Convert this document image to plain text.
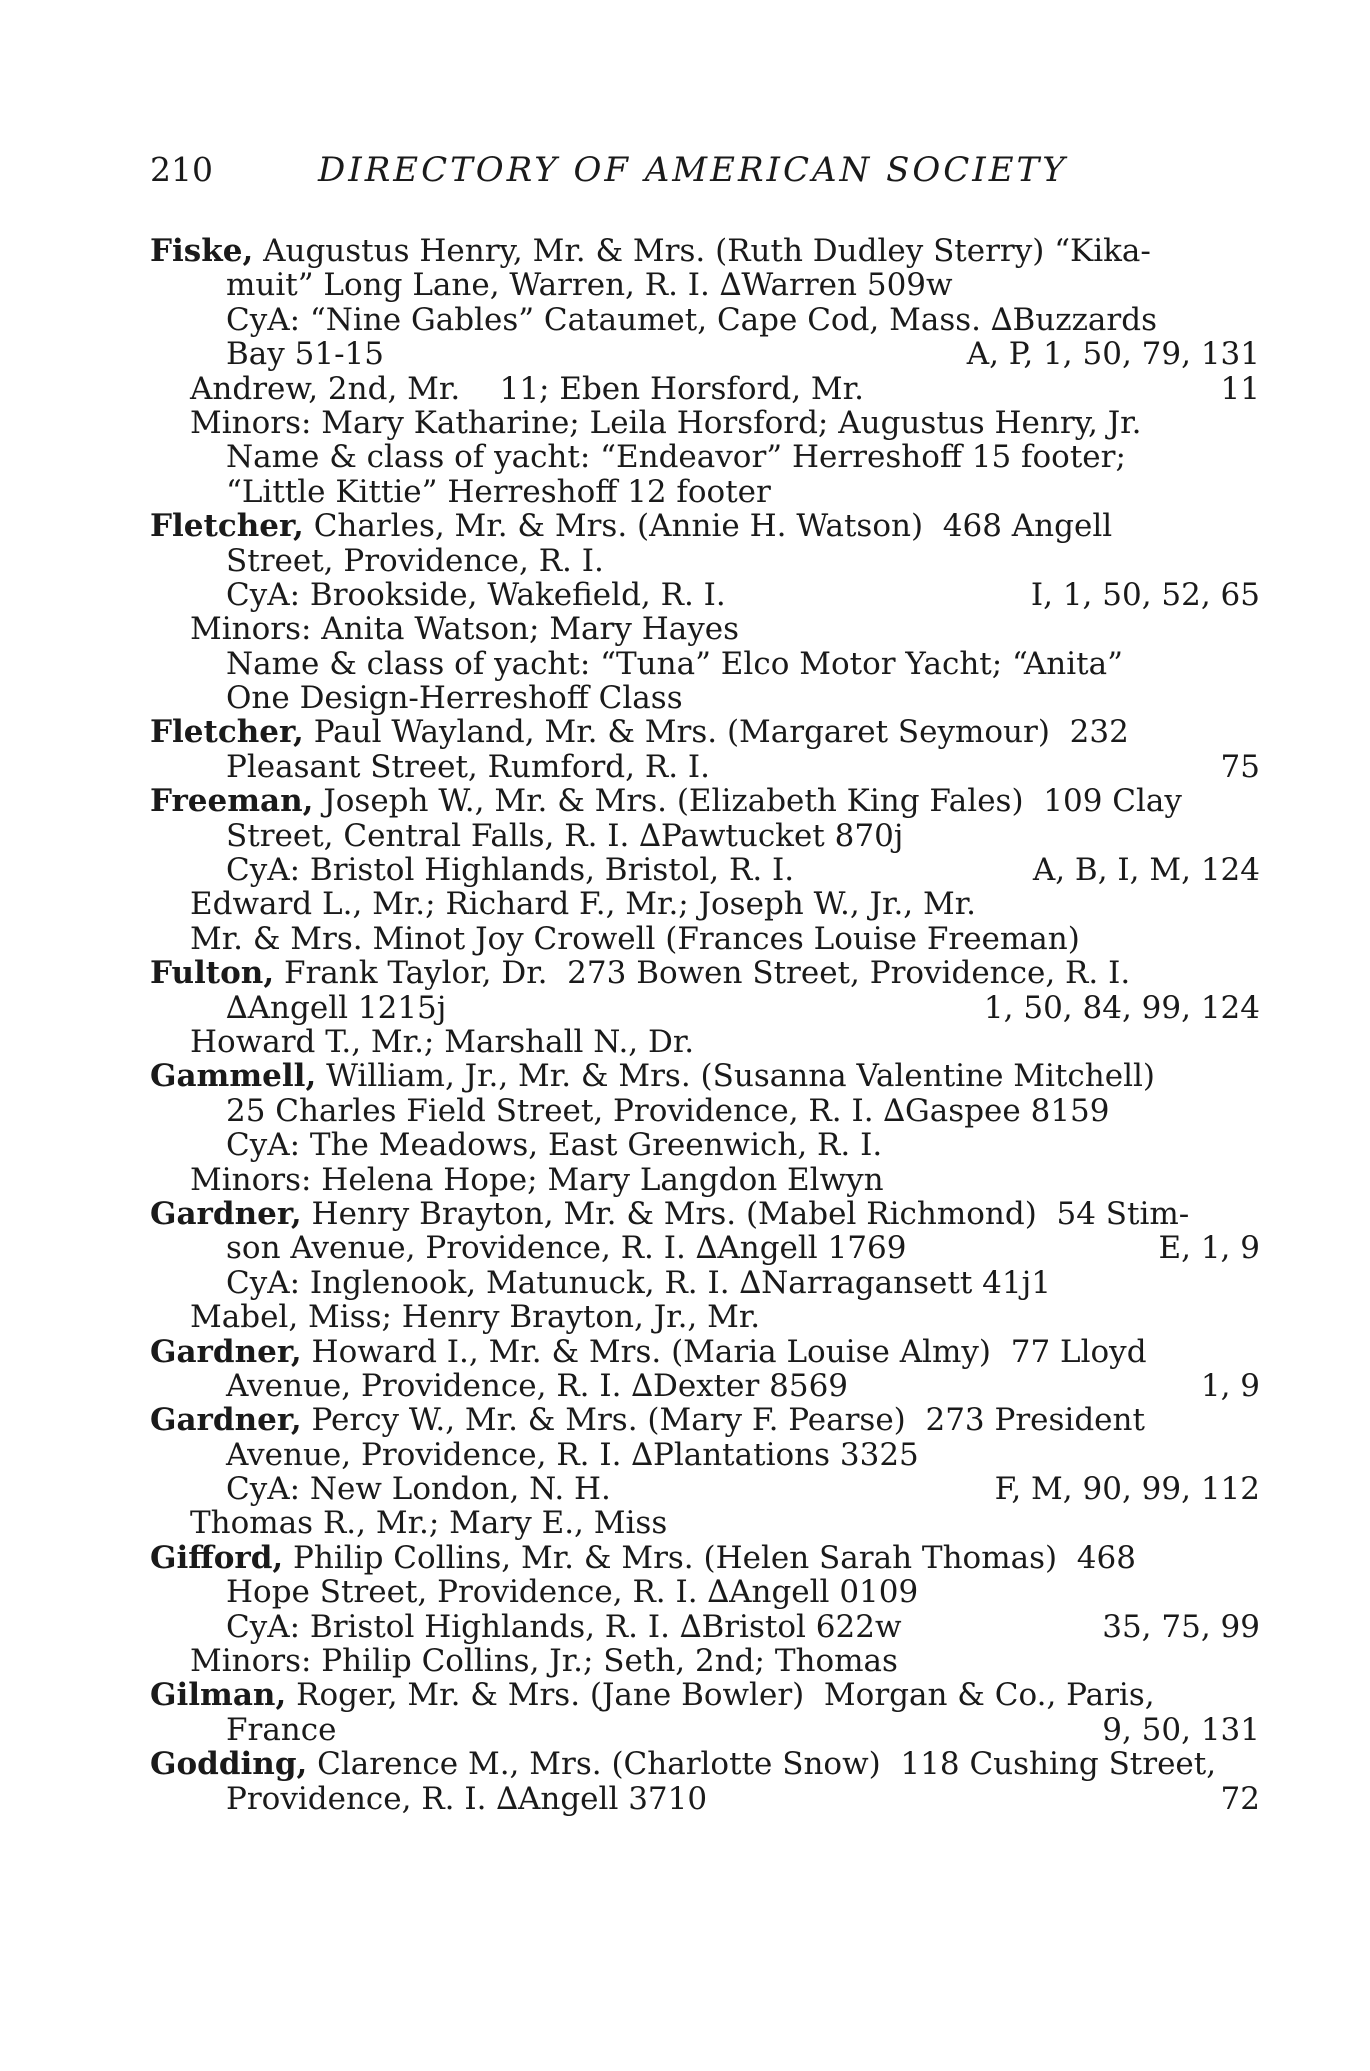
210	DIRECTORY OF AMERICAN SOCIETY
Fiske, Augustus Henry, Mr. & Mrs. (Ruth Dudley Sterry) “Kika-
muit” Long Lane, Warren, R. I. ∆Warren 509w
CyA: “Nine Gables” Cataumet, Cape Cod, Mass. ∆Buzzards
Bay 51-15	A, P, 1, 50, 79, 131
Andrew, 2nd, Mr.    11; Eben Horsford, Mr.	11
Minors: Mary Katharine; Leila Horsford; Augustus Henry, Jr.
Name & class of yacht: “Endeavor” Herreshoff 15 footer;
“Little Kittie” Herreshoff 12 footer
Fletcher, Charles, Mr. & Mrs. (Annie H. Watson)  468 Angell
Street, Providence, R. I.
CyA: Brookside, Wakefield, R. I.	I, 1, 50, 52, 65
Minors: Anita Watson; Mary Hayes
Name & class of yacht: “Tuna” Elco Motor Yacht; “Anita”
One Design-Herreshoff Class
Fletcher, Paul Wayland, Mr. & Mrs. (Margaret Seymour)  232
Pleasant Street, Rumford, R. I.	75
Freeman, Joseph W., Mr. & Mrs. (Elizabeth King Fales)  109 Clay
Street, Central Falls, R. I. ∆Pawtucket 870j
CyA: Bristol Highlands, Bristol, R. I.	A, B, I, M, 124
Edward L., Mr.; Richard F., Mr.; Joseph W., Jr., Mr.
Mr. & Mrs. Minot Joy Crowell (Frances Louise Freeman)
Fulton, Frank Taylor, Dr.  273 Bowen Street, Providence, R. I.
∆Angell 1215j	1, 50, 84, 99, 124
Howard T., Mr.; Marshall N., Dr.
Gammell, William, Jr., Mr. & Mrs. (Susanna Valentine Mitchell)
25 Charles Field Street, Providence, R. I. ∆Gaspee 8159
CyA: The Meadows, East Greenwich, R. I.
Minors: Helena Hope; Mary Langdon Elwyn
Gardner, Henry Brayton, Mr. & Mrs. (Mabel Richmond)  54 Stim-
son Avenue, Providence, R. I. ∆Angell 1769	E, 1, 9
CyA: Inglenook, Matunuck, R. I. ∆Narragansett 41j1
Mabel, Miss; Henry Brayton, Jr., Mr.
Gardner, Howard I., Mr. & Mrs. (Maria Louise Almy)  77 Lloyd
Avenue, Providence, R. I. ∆Dexter 8569	1, 9
Gardner, Percy W., Mr. & Mrs. (Mary F. Pearse)  273 President
Avenue, Providence, R. I. ∆Plantations 3325
CyA: New London, N. H.	F, M, 90, 99, 112
Thomas R., Mr.; Mary E., Miss
Gifford, Philip Collins, Mr. & Mrs. (Helen Sarah Thomas)  468
Hope Street, Providence, R. I. ∆Angell 0109
CyA: Bristol Highlands, R. I. ∆Bristol 622w	35, 75, 99
Minors: Philip Collins, Jr.; Seth, 2nd; Thomas
Gilman, Roger, Mr. & Mrs. (Jane Bowler)  Morgan & Co., Paris,
France	9, 50, 131
Godding, Clarence M., Mrs. (Charlotte Snow)  118 Cushing Street,
Providence, R. I. ∆Angell 3710	72
